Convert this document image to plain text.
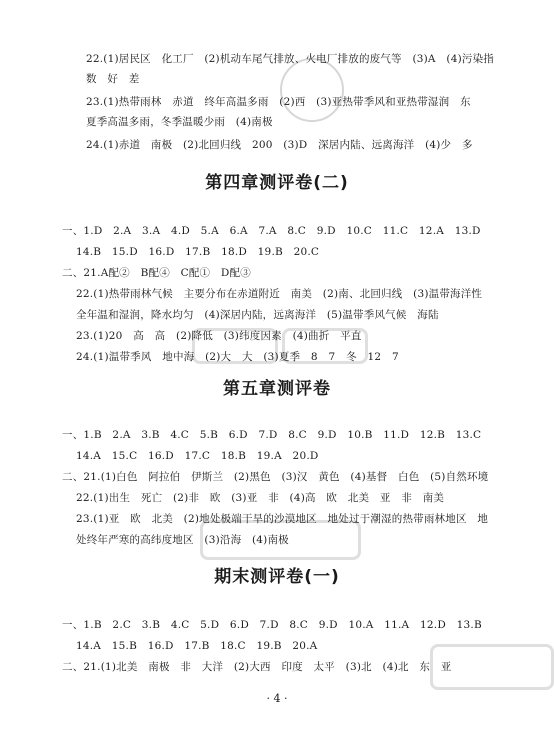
22.(1)居民区　化工厂　(2)机动车尾气排放、火电厂排放的废气等　(3)A　(4)污染指
数　好　差
23.(1)热带雨林　赤道　终年高温多雨　(2)西　(3)亚热带季风和亚热带湿润　东
夏季高温多雨，冬季温暖少雨　(4)南极
24.(1)赤道　南极　(2)北回归线　200　(3)D　深居内陆、远离海洋　(4)少　多
第四章测评卷(二)
一、1.D　2.A　3.A　4.D　5.A　6.A　7.A　8.C　9.D　10.C　11.C　12.A　13.D
14.B　15.D　16.D　17.B　18.D　19.B　20.C
二、21.A配②　B配④　C配①　D配③
22.(1)热带雨林气候　主要分布在赤道附近　南美　(2)南、北回归线　(3)温带海洋性
全年温和湿润，降水均匀　(4)深居内陆，远离海洋　(5)温带季风气候　海陆
23.(1)20　高　高　(2)降低　(3)纬度因素　(4)曲折　平直
24.(1)温带季风　地中海　(2)大　大　(3)夏季　8　7　冬　12　7
第五章测评卷
一、1.B　2.A　3.B　4.C　5.B　6.D　7.D　8.C　9.D　10.B　11.D　12.B　13.C
14.A　15.C　16.D　17.C　18.B　19.A　20.D
二、21.(1)白色　阿拉伯　伊斯兰　(2)黑色　(3)汉　黄色　(4)基督　白色　(5)自然环境
22.(1)出生　死亡　(2)非　欧　(3)亚　非　(4)高　欧　北美　亚　非　南美
23.(1)亚　欧　北美　(2)地处极端干旱的沙漠地区　地处过于潮湿的热带雨林地区　地
处终年严寒的高纬度地区　(3)沿海　(4)南极
期末测评卷(一)
一、1.B　2.C　3.B　4.C　5.D　6.D　7.D　8.C　9.D　10.A　11.A　12.D　13.B
14.A　15.B　16.D　17.B　18.C　19.B　20.A
二、21.(1)北美　南极　非　大洋　(2)大西　印度　太平　(3)北　(4)北　东　亚
· 4 ·
